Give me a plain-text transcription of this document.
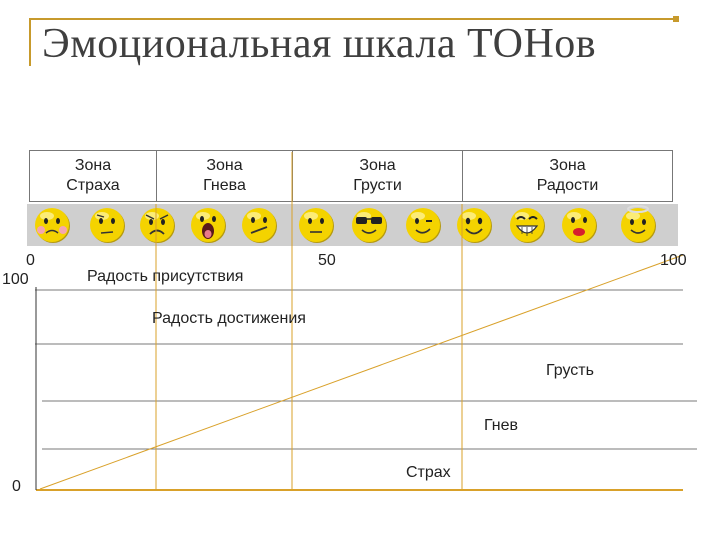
Эмоциональная шкала ТОНов
Зона
Страха
Зона
Гнева
Зона
Грусти
Зона
Радости
0	50	100
100
0
Радость присутствия
Радость достижения
Грусть
Гнев
Страх
